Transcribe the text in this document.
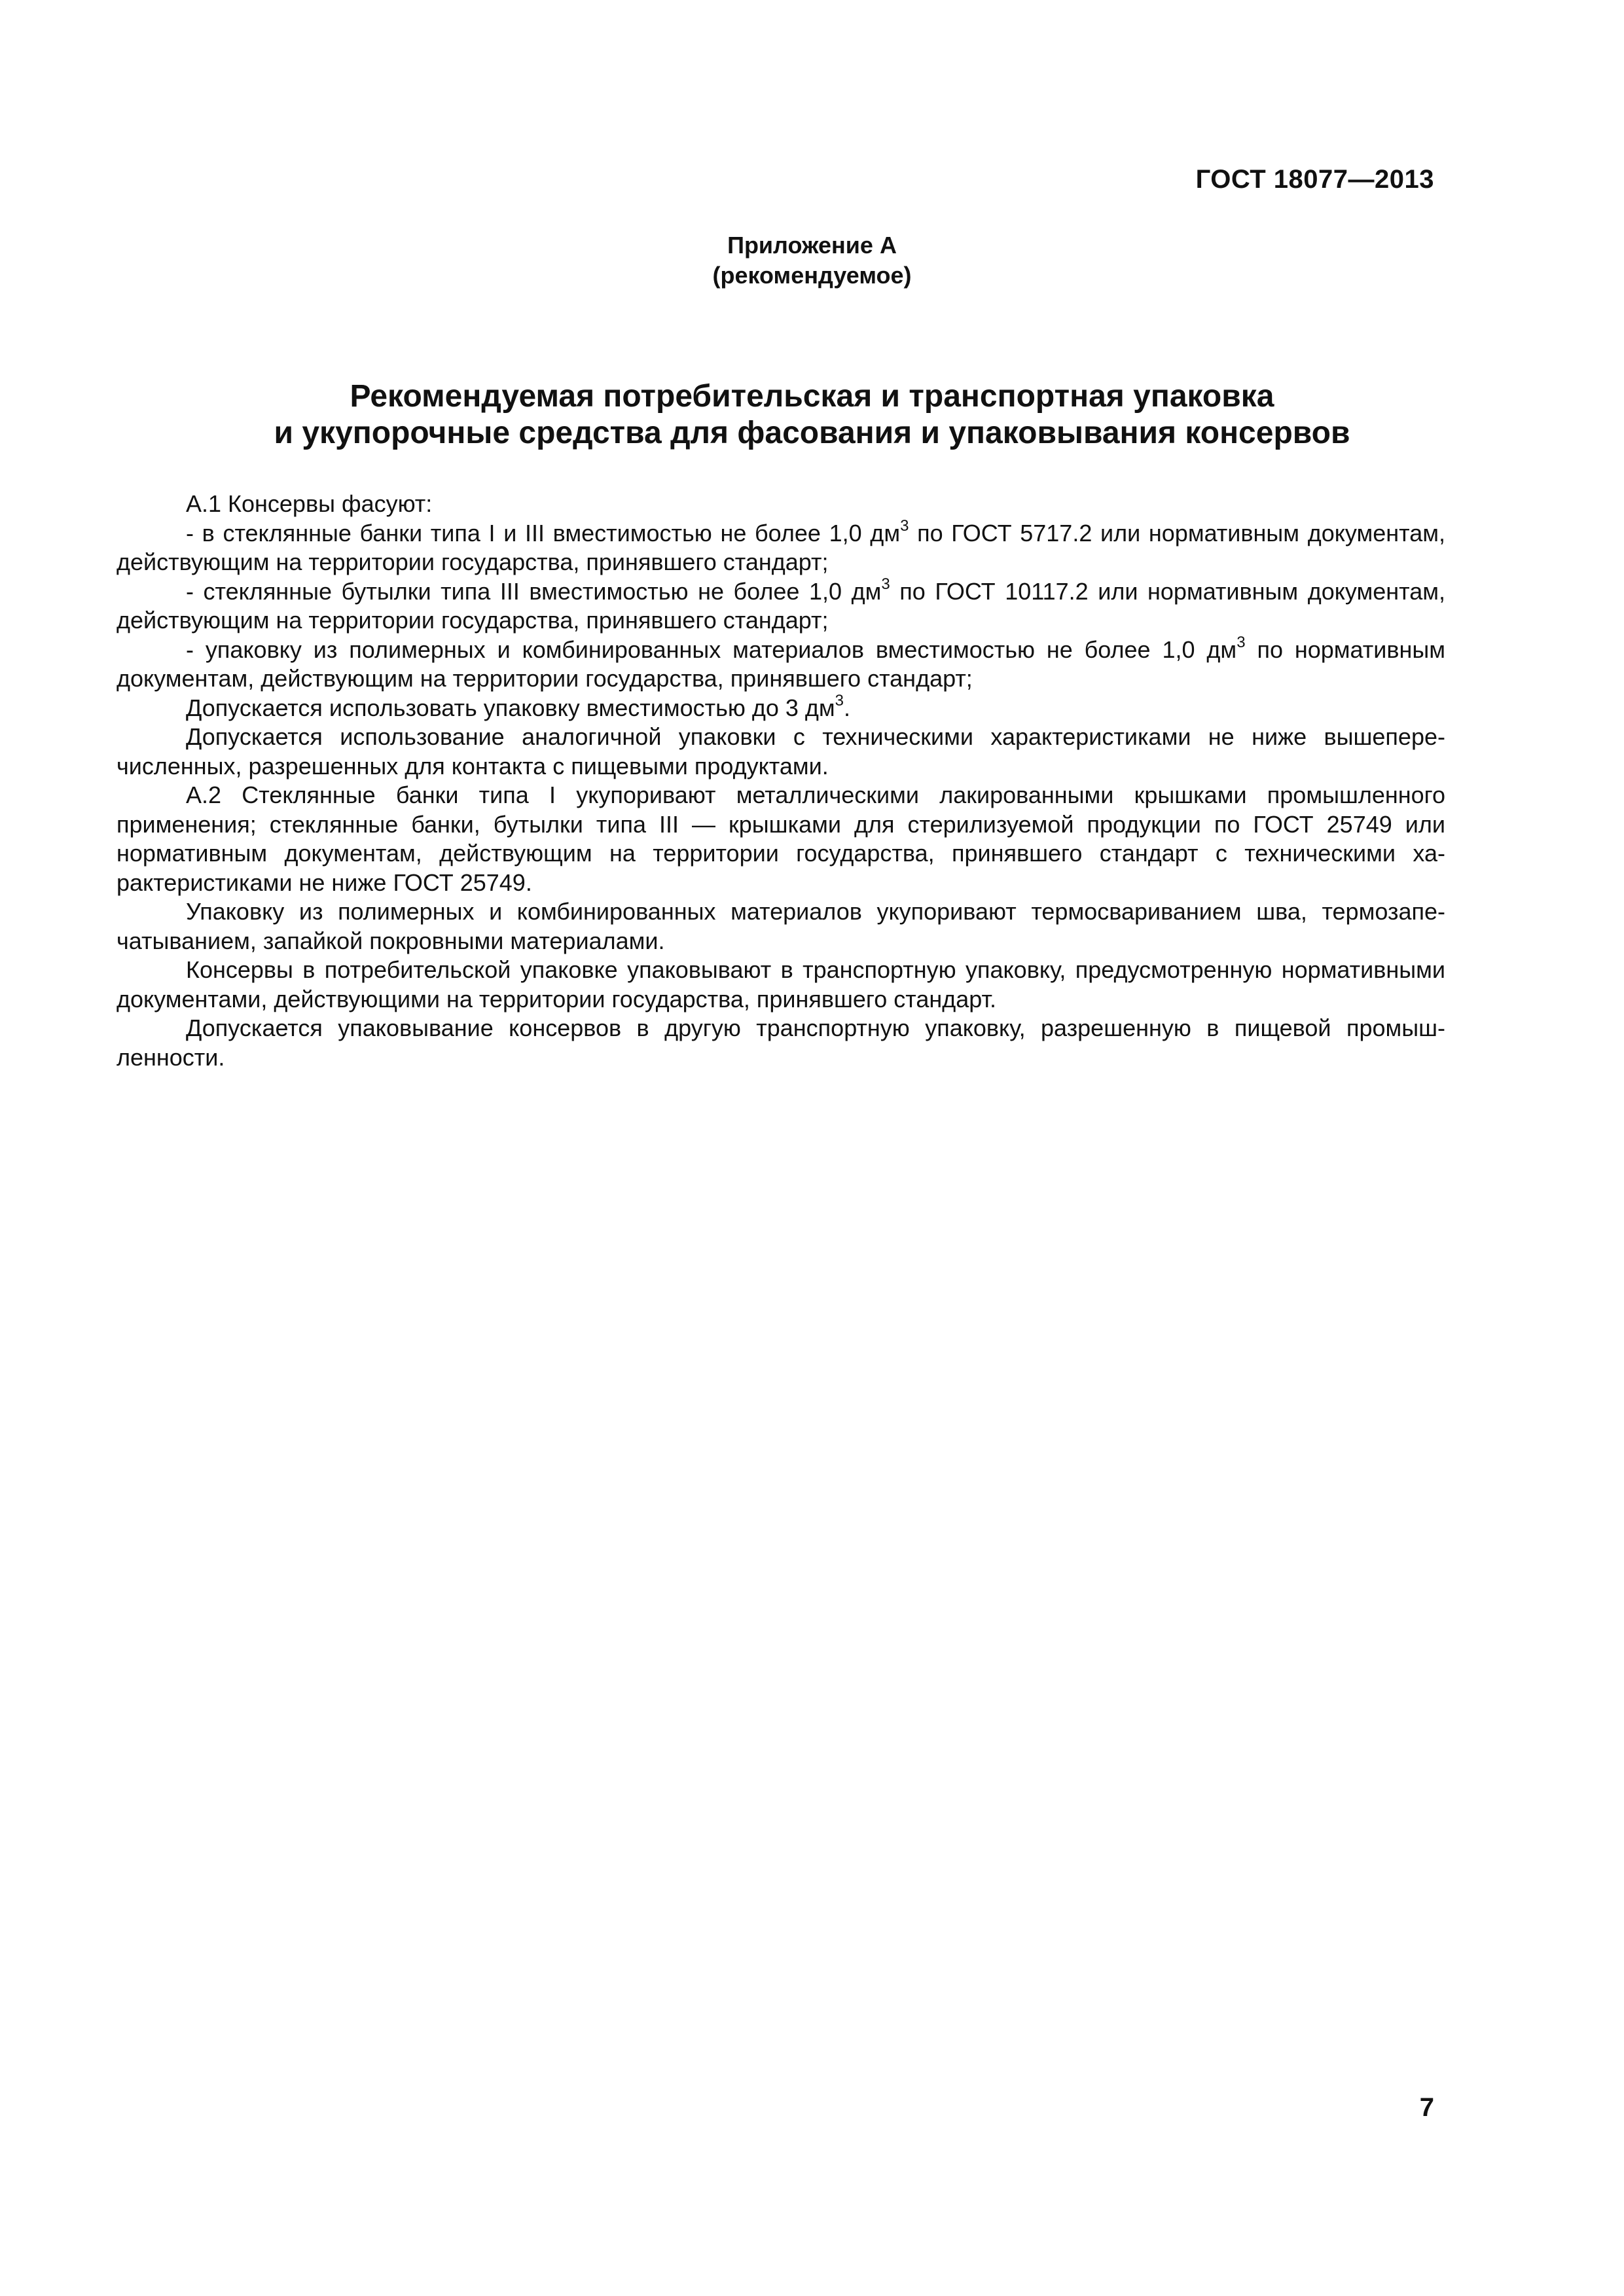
ГОСТ 18077—2013
Приложение А
(рекомендуемое)
Рекомендуемая потребительская и транспортная упаковка
и укупорочные средства для фасования и упаковывания консервов

А.1 Консервы фасуют:

- в стеклянные банки типа I и III вместимостью не более 1,0 $дм^3$ по ГОСТ 5717.2 или нормативным документам, действующим на территории государства, принявшего стандарт;

- стеклянные бутылки типа III вместимостью не более 1,0 $дм^3$ по ГОСТ 10117.2 или нормативным документам, действующим на территории государства, принявшего стандарт;

- упаковку из полимерных и комбинированных материалов вместимостью не более 1,0 $дм^3$ по нормативным документам, действующим на территории государства, принявшего стандарт;

Допускается использовать упаковку вместимостью до 3 $дм^3$.

Допускается использование аналогичной упаковки с техническими характеристиками не ниже вышеперечисленных, разрешенных для контакта с пищевыми продуктами.

А.2 Стеклянные банки типа I укупоривают металлическими лакированными крышками промышленного применения; стеклянные банки, бутылки типа III — крышками для стерилизуемой продукции по ГОСТ 25749 или нормативным документам, действующим на территории государства, принявшего стандарт с техническими характеристиками не ниже ГОСТ 25749.

Упаковку из полимерных и комбинированных материалов укупоривают термосвариванием шва, термозапечатыванием, запайкой покровными материалами.

Консервы в потребительской упаковке упаковывают в транспортную упаковку, предусмотренную нормативными документами, действующими на территории государства, принявшего стандарт.

Допускается упаковывание консервов в другую транспортную упаковку, разрешенную в пищевой промышленности.

7
